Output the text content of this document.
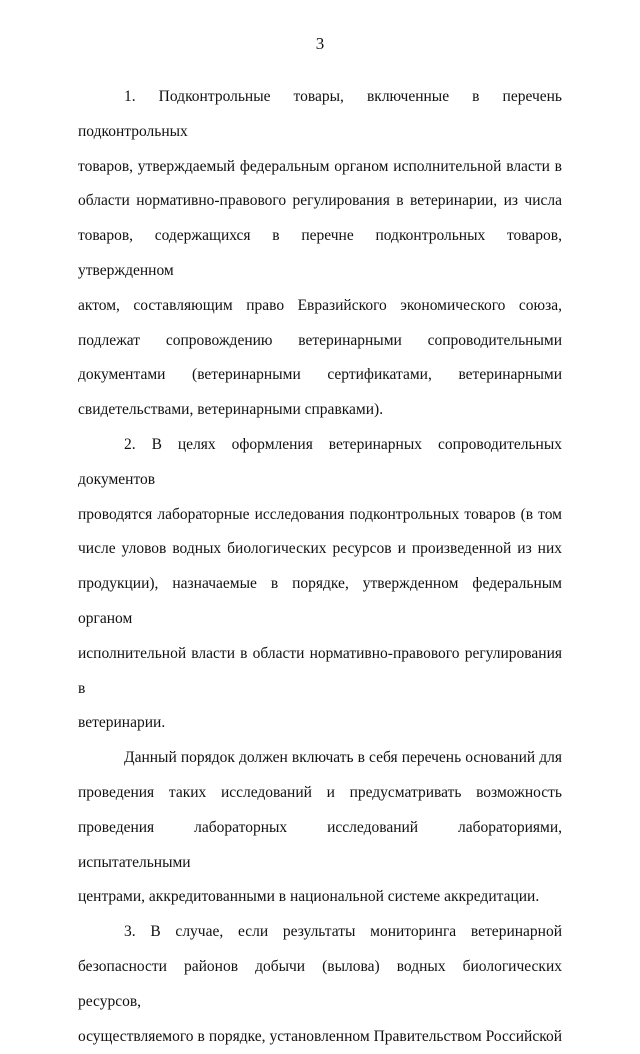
3
1. Подконтрольные товары, включенные в перечень подконтрольных
товаров, утверждаемый федеральным органом исполнительной власти в
области нормативно-правового регулирования в ветеринарии, из числа
товаров, содержащихся в перечне подконтрольных товаров, утвержденном
актом, составляющим право Евразийского экономического союза,
подлежат сопровождению ветеринарными сопроводительными
документами (ветеринарными сертификатами, ветеринарными
свидетельствами, ветеринарными справками).
2. В целях оформления ветеринарных сопроводительных документов
проводятся лабораторные исследования подконтрольных товаров (в том
числе уловов водных биологических ресурсов и произведенной из них
продукции), назначаемые в порядке, утвержденном федеральным органом
исполнительной власти в области нормативно-правового регулирования в
ветеринарии.
Данный порядок должен включать в себя перечень оснований для
проведения таких исследований и предусматривать возможность
проведения лабораторных исследований лабораториями, испытательными
центрами, аккредитованными в национальной системе аккредитации.
3. В случае, если результаты мониторинга ветеринарной
безопасности районов добычи (вылова) водных биологических ресурсов,
осуществляемого в порядке, установленном Правительством Российской
